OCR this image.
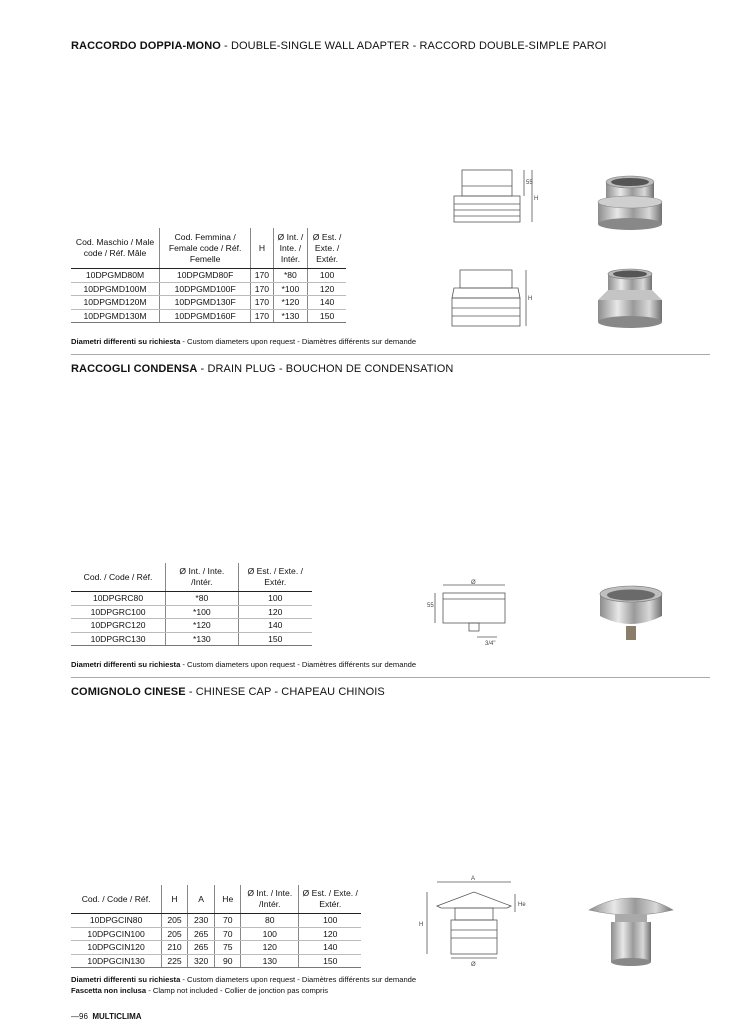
RACCORDO DOPPIA-MONO - DOUBLE-SINGLE WALL ADAPTER - RACCORD DOUBLE-SIMPLE PAROI
Cod. Maschio / Male code / Réf. Mâle	Cod. Femmina / Female code / Réf. Femelle	H	Ø Int. / Inte. / Intér.	Ø Est. / Exte. / Extér.
10DPGMD80M	10DPGMD80F	170	*80	100
10DPGMD100M	10DPGMD100F	170	*100	120
10DPGMD120M	10DPGMD130F	170	*120	140
10DPGMD130M	10DPGMD160F	170	*130	150
Diametri differenti su richiesta - Custom diameters upon request - Diamètres différents sur demande
55
H
H
RACCOGLI CONDENSA - DRAIN PLUG - BOUCHON DE CONDENSATION
Cod. / Code / Réf.	Ø Int. / Inte. /Intér.	Ø Est. / Exte. / Extér.
10DPGRC80	*80	100
10DPGRC100	*100	120
10DPGRC120	*120	140
10DPGRC130	*130	150
Diametri differenti su richiesta - Custom diameters upon request - Diamètres différents sur demande
Ø
55
3/4"
COMIGNOLO CINESE - CHINESE CAP - CHAPEAU CHINOIS
Cod. / Code / Réf.	H	A	He	Ø Int. / Inte. /Intér.	Ø Est. / Exte. / Extér.
10DPGCIN80	205	230	70	80	100
10DPGCIN100	205	265	70	100	120
10DPGCIN120	210	265	75	120	140
10DPGCIN130	225	320	90	130	150
Diametri differenti su richiesta - Custom diameters upon request - Diamètres différents sur demande
Fascetta non inclusa - Clamp not included - Collier de jonction pas compris
A
H
He
Ø
—96 MULTICLIMA
